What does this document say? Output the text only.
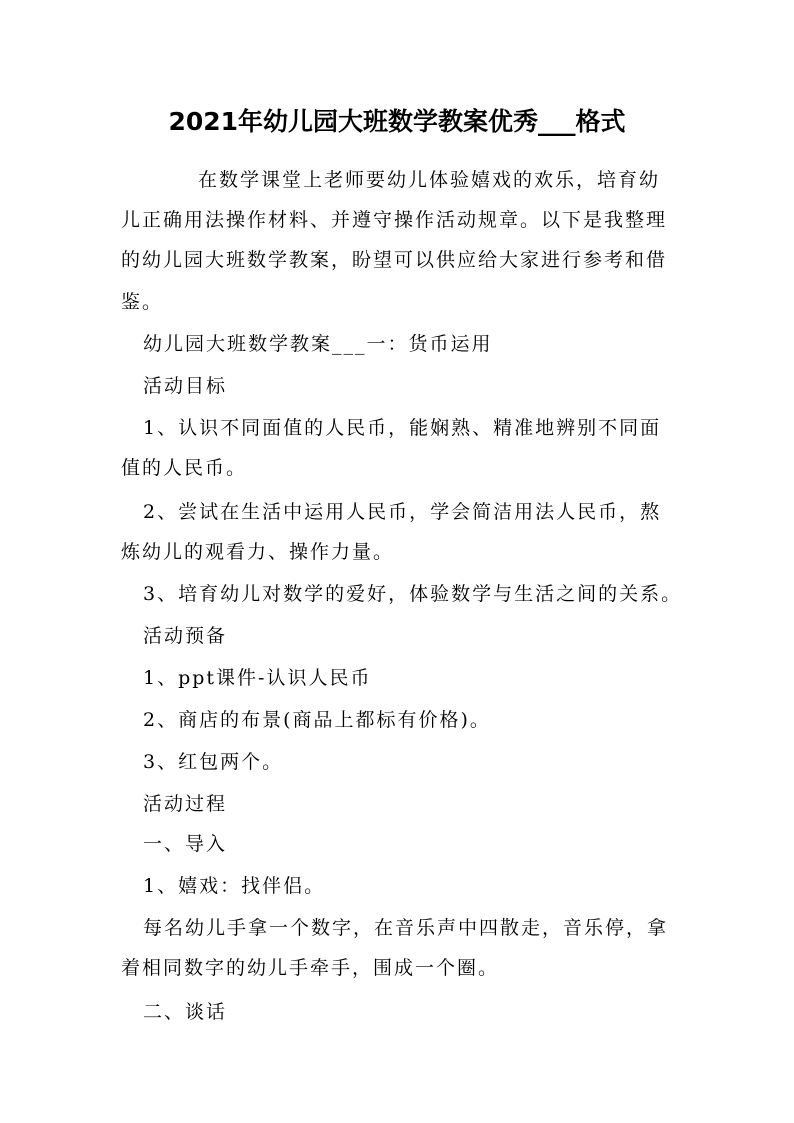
2021年幼儿园大班数学教案优秀___格式
在数学课堂上老师要幼儿体验嬉戏的欢乐，培育幼
儿正确用法操作材料、并遵守操作活动规章。以下是我整理
的幼儿园大班数学教案，盼望可以供应给大家进行参考和借
鉴。
幼儿园大班数学教案___一：货币运用
活动目标
1、认识不同面值的人民币，能娴熟、精准地辨别不同面
值的人民币。
2、尝试在生活中运用人民币，学会简洁用法人民币，熬
炼幼儿的观看力、操作力量。
3、培育幼儿对数学的爱好，体验数学与生活之间的关系。
活动预备
1、ppt课件-认识人民币
2、商店的布景(商品上都标有价格)。
3、红包两个。
活动过程
一、导入
1、嬉戏：找伴侣。
每名幼儿手拿一个数字，在音乐声中四散走，音乐停，拿
着相同数字的幼儿手牵手，围成一个圈。
二、谈话
